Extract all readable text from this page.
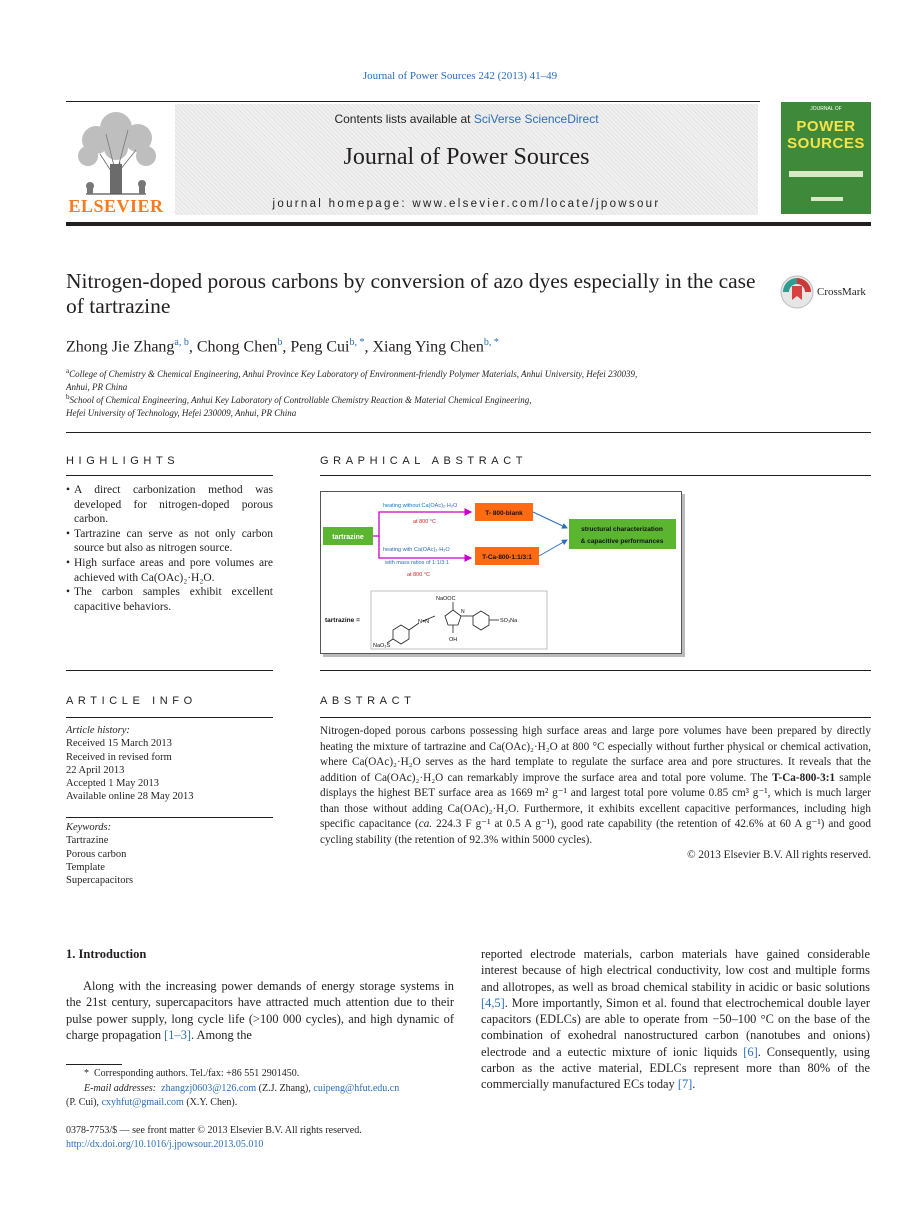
Journal of Power Sources 242 (2013) 41–49
ELSEVIER
Contents lists available at SciVerse ScienceDirect
Journal of Power Sources
journal homepage: www.elsevier.com/locate/jpowsour
JOURNAL OF
POWER SOURCES
Nitrogen-doped porous carbons by conversion of azo dyes especially in the case of tartrazine
CrossMark
Zhong Jie Zhang$^{a, b}$, Chong Chen$^b$, Peng Cui$^{b, *}$, Xiang Ying Chen$^{b, *}$
$^a$College of Chemistry & Chemical Engineering, Anhui Province Key Laboratory of Environment-friendly Polymer Materials, Anhui University, Hefei 230039,
Anhui, PR China
$^b$School of Chemical Engineering, Anhui Key Laboratory of Controllable Chemistry Reaction & Material Chemical Engineering,
Hefei University of Technology, Hefei 230009, Anhui, PR China
HIGHLIGHTS

• A direct carbonization method was developed for nitrogen-doped porous carbon.

• Tartrazine can serve as not only carbon source but also as nitrogen source.

• High surface areas and pore volumes are achieved with Ca(OAc)₂·H₂O.

• The carbon samples exhibit excellent capacitive behaviors.

GRAPHICAL ABSTRACT
tartrazine
heating without Ca(OAc)₂·H₂O
at 800 °C
T- 800-blank
heating with Ca(OAc)₂·H₂O
with mass ratios of 1:1/3:1
at 800 °C
T-Ca-800-1:1/3:1
structural characterization
& capacitive performances
tartrazine =
NaOOC
SO₃Na
NaO₃S
OH
N=N
N
ARTICLE INFO
Article history:
Received 15 March 2013
Received in revised form
22 April 2013
Accepted 1 May 2013
Available online 28 May 2013
Keywords:
Tartrazine
Porous carbon
Template
Supercapacitors
ABSTRACT
Nitrogen-doped porous carbons possessing high surface areas and large pore volumes have been prepared by directly heating the mixture of tartrazine and Ca(OAc)₂·H₂O at 800 °C especially without further physical or chemical activation, where Ca(OAc)₂·H₂O serves as the hard template to regulate the surface area and pore structures. It reveals that the addition of Ca(OAc)₂·H₂O can remarkably improve the surface area and total pore volume. The T-Ca-800-3:1 sample displays the highest BET surface area as 1669 m² g⁻¹ and largest total pore volume 0.85 cm³ g⁻¹, which is much larger than those without adding Ca(OAc)₂·H₂O. Furthermore, it exhibits excellent capacitive performances, including high specific capacitance (ca. 224.3 F g⁻¹ at 0.5 A g⁻¹), good rate capability (the retention of 42.6% at 60 A g⁻¹) and good cycling stability (the retention of 92.3% within 5000 cycles).
© 2013 Elsevier B.V. All rights reserved.
1. Introduction
Along with the increasing power demands of energy storage systems in the 21st century, supercapacitors have attracted much attention due to their pulse power supply, long cycle life (>100 000 cycles), and high dynamic of charge propagation [1–3]. Among the
reported electrode materials, carbon materials have gained considerable interest because of high electrical conductivity, low cost and multiple forms and allotropes, as well as broad chemical stability in acidic or basic solutions [4,5]. More importantly, Simon et al. found that electrochemical double layer capacitors (EDLCs) are able to operate from −50–100 °C on the base of the combination of exohedral nanostructured carbon (nanotubes and onions) electrode and a eutectic mixture of ionic liquids [6]. Consequently, using carbon as the active material, EDLCs represent more than 80% of the commercially manufactured ECs today [7].
* Corresponding authors. Tel./fax: +86 551 2901450.
E-mail addresses: zhangzj0603@126.com (Z.J. Zhang), cuipeng@hfut.edu.cn
(P. Cui), cxyhfut@gmail.com (X.Y. Chen).
0378-7753/$ — see front matter © 2013 Elsevier B.V. All rights reserved.
http://dx.doi.org/10.1016/j.jpowsour.2013.05.010
